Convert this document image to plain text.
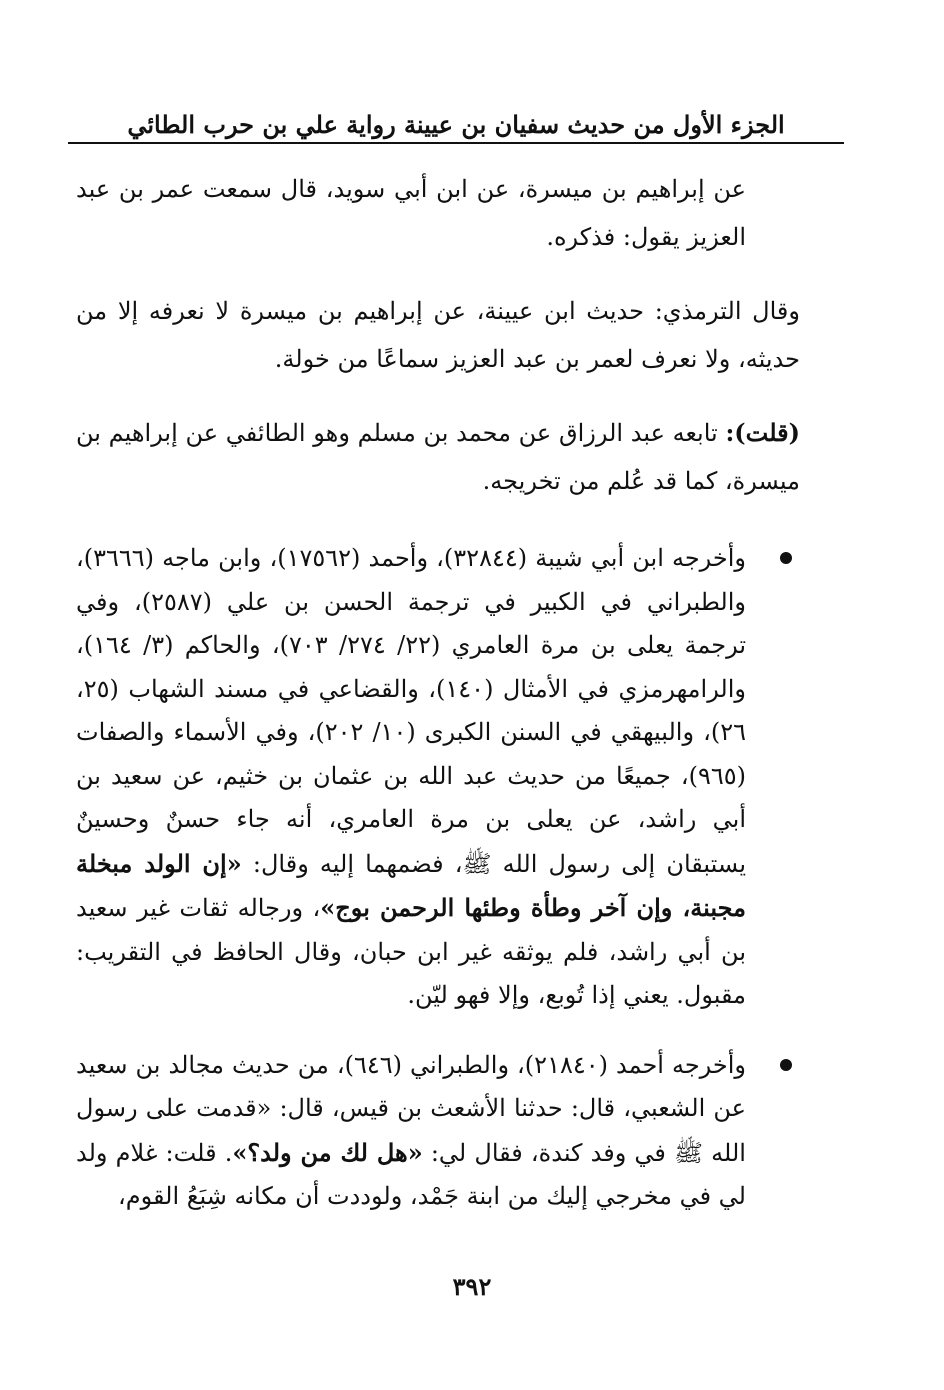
الجزء الأول من حديث سفيان بن عيينة رواية علي بن حرب الطائي

عن إبراهيم بن ميسرة، عن ابن أبي سويد، قال سمعت عمر بن عبد العزيز يقول: فذكره.

وقال الترمذي: حديث ابن عيينة، عن إبراهيم بن ميسرة لا نعرفه إلا من حديثه، ولا نعرف لعمر بن عبد العزيز سماعًا من خولة.

(قلت): تابعه عبد الرزاق عن محمد بن مسلم وهو الطائفي عن إبراهيم بن ميسرة، كما قد عُلم من تخريجه.

وأخرجه ابن أبي شيبة (٣٢٨٤٤)، وأحمد (١٧٥٦٢)، وابن ماجه (٣٦٦٦)، والطبراني في الكبير في ترجمة الحسن بن علي (٢٥٨٧)، وفي ترجمة يعلى بن مرة العامري (٢٢/ ٢٧٤/ ٧٠٣)، والحاكم (٣/ ١٦٤)، والرامهرمزي في الأمثال (١٤٠)، والقضاعي في مسند الشهاب (٢٥، ٢٦)، والبيهقي في السنن الكبرى (١٠/ ٢٠٢)، وفي الأسماء والصفات (٩٦٥)، جميعًا من حديث عبد الله بن عثمان بن خثيم، عن سعيد بن أبي راشد، عن يعلى بن مرة العامري، أنه جاء حسنٌ وحسينٌ يستبقان إلى رسول الله ﷺ، فضمهما إليه وقال: «إن الولد مبخلة مجبنة، وإن آخر وطأة وطئها الرحمن بوج»، ورجاله ثقات غير سعيد بن أبي راشد، فلم يوثقه غير ابن حبان، وقال الحافظ في التقريب: مقبول. يعني إذا تُوبع، وإلا فهو ليّن.
وأخرجه أحمد (٢١٨٤٠)، والطبراني (٦٤٦)، من حديث مجالد بن سعيد عن الشعبي، قال: حدثنا الأشعث بن قيس، قال: «قدمت على رسول الله ﷺ في وفد كندة، فقال لي: «هل لك من ولد؟». قلت: غلام ولد لي في مخرجي إليك من ابنة جَمْد، ولوددت أن مكانه شِبَعُ القوم،
٣٩٢
